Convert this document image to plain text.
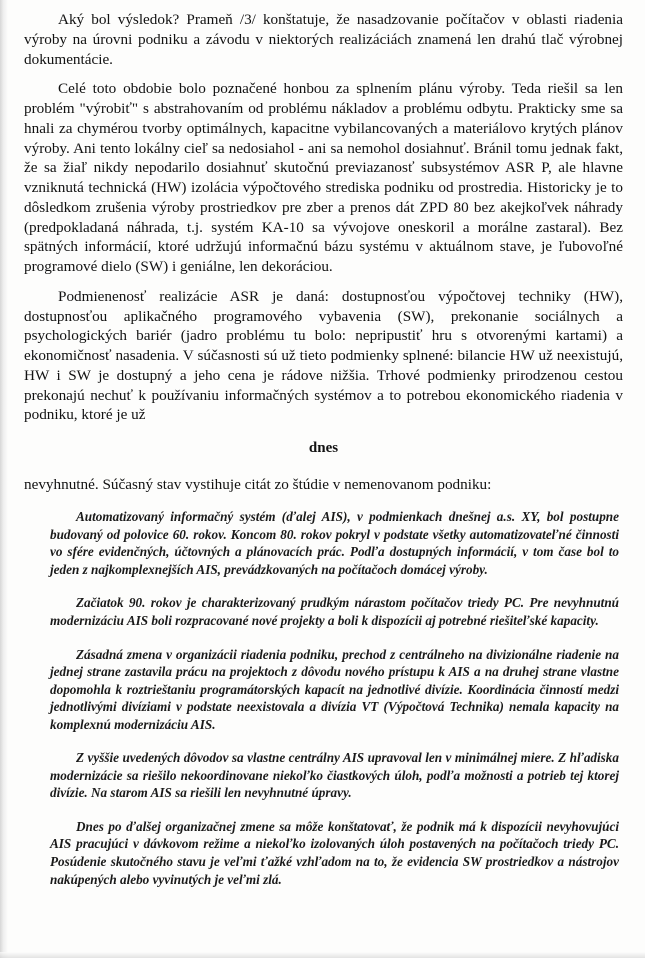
Aký bol výsledok? Prameň /3/ konštatuje, že nasadzovanie počítačov v oblasti riadenia výroby na úrovni podniku a závodu v niektorých realizáciách znamená len drahú tlač výrobnej dokumentácie.

Celé toto obdobie bolo poznačené honbou za splnením plánu výroby. Teda riešil sa len problém "výrobiť" s abstrahovaním od problému nákladov a problému odbytu. Prakticky sme sa hnali za chymérou tvorby optimálnych, kapacitne vybilancovaných a materiálovo krytých plánov výroby. Ani tento lokálny cieľ sa nedosiahol - ani sa nemohol dosiahnuť. Bránil tomu jednak fakt, že sa žiaľ nikdy nepodarilo dosiahnuť skutočnú previazanosť subsystémov ASR P, ale hlavne vzniknutá technická (HW) izolácia výpočtového strediska podniku od prostredia. Historicky je to dôsledkom zrušenia výroby prostriedkov pre zber a prenos dát ZPD 80 bez akejkoľvek náhrady (predpokladaná náhrada, t.j. systém KA-10 sa vývojove oneskoril a morálne zastaral). Bez spätných informácií, ktoré udržujú informačnú bázu systému v aktuálnom stave, je ľubovoľné programové dielo (SW) i geniálne, len dekoráciou.

Podmienenosť realizácie ASR je daná: dostupnosťou výpočtovej techniky (HW), dostupnosťou aplikačného programového vybavenia (SW), prekonanie sociálnych a psychologických bariér (jadro problému tu bolo: nepripustiť hru s otvorenými kartami) a ekonomičnosť nasadenia. V súčasnosti sú už tieto podmienky splnené: bilancie HW už neexistujú, HW i SW je dostupný a jeho cena je rádove nižšia. Trhové podmienky prirodzenou cestou prekonajú nechuť k používaniu informačných systémov a to potrebou ekonomického riadenia v podniku, ktoré je už

dnes

nevyhnutné. Súčasný stav vystihuje citát zo štúdie v nemenovanom podniku:

Automatizovaný informačný systém (ďalej AIS), v podmienkach dnešnej a.s. XY, bol postupne budovaný od polovice 60. rokov. Koncom 80. rokov pokryl v podstate všetky automatizovateľné činnosti vo sfére evidenčných, účtovných a plánovacích prác. Podľa dostupných informácií, v tom čase bol to jeden z najkomplexnejších AIS, prevádzkovaných na počítačoch domácej výroby.

Začiatok 90. rokov je charakterizovaný prudkým nárastom počítačov triedy PC. Pre nevyhnutnú modernizáciu AIS boli rozpracované nové projekty a boli k dispozícii aj potrebné riešiteľské kapacity.

Zásadná zmena v organizácii riadenia podniku, prechod z centrálneho na divizionálne riadenie na jednej strane zastavila prácu na projektoch z dôvodu nového prístupu k AIS a na druhej strane vlastne dopomohla k roztrieštaniu programátorských kapacít na jednotlivé divízie. Koordinácia činností medzi jednotlivými divíziami v podstate neexistovala a divízia VT (Výpočtová Technika) nemala kapacity na komplexnú modernizáciu AIS.

Z vyššie uvedených dôvodov sa vlastne centrálny AIS upravoval len v minimálnej miere. Z hľadiska modernizácie sa riešilo nekoordinovane niekoľko čiastkových úloh, podľa možnosti a potrieb tej ktorej divízie. Na starom AIS sa riešili len nevyhnutné úpravy.

Dnes po ďalšej organizačnej zmene sa môže konštatovať, že podnik má k dispozícii nevyhovujúci AIS pracujúci v dávkovom režime a niekoľko izolovaných úloh postavených na počítačoch triedy PC. Posúdenie skutočného stavu je veľmi ťažké vzhľadom na to, že evidencia SW prostriedkov a nástrojov nakúpených alebo vyvinutých je veľmi zlá.
